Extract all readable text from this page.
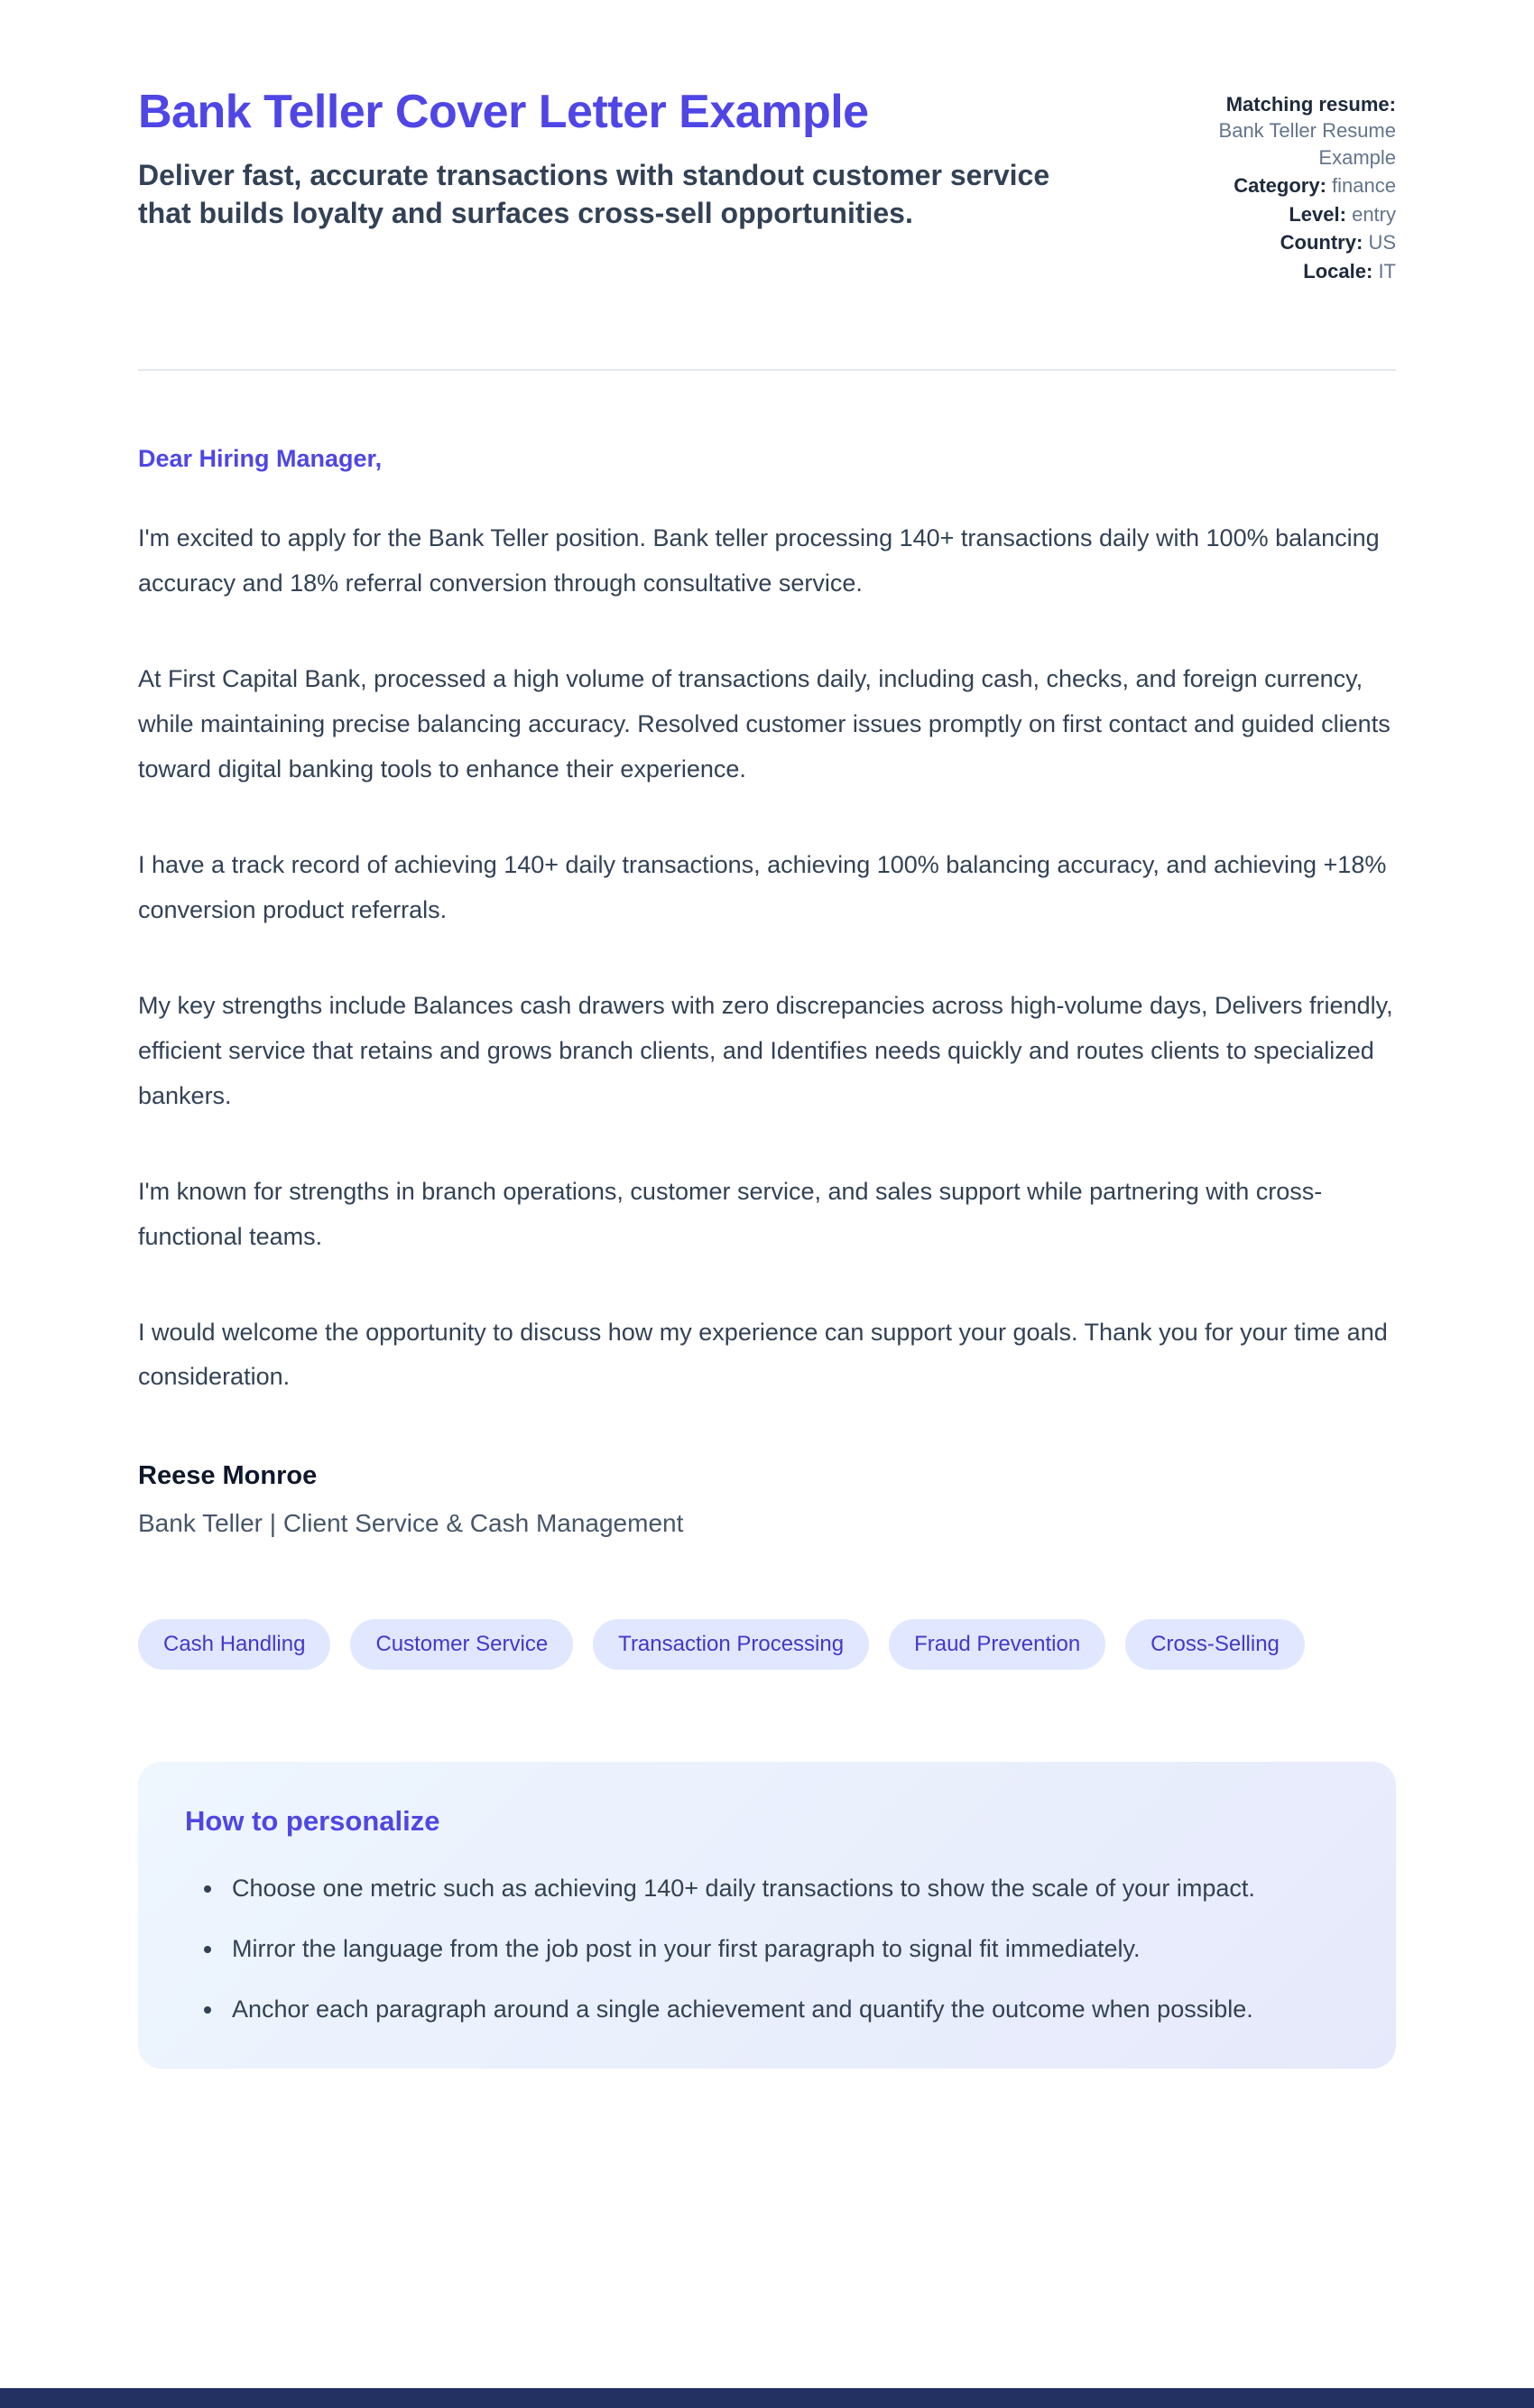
Bank Teller Cover Letter Example

Deliver fast, accurate transactions with standout customer service that builds loyalty and surfaces cross-sell opportunities.

Matching resume: Bank Teller Resume Example
Category: finance
Level: entry
Country: US
Locale: IT

Dear Hiring Manager,

I'm excited to apply for the Bank Teller position. Bank teller processing 140+ transactions daily with 100% balancing accuracy and 18% referral conversion through consultative service.

At First Capital Bank, processed a high volume of transactions daily, including cash, checks, and foreign currency, while maintaining precise balancing accuracy. Resolved customer issues promptly on first contact and guided clients toward digital banking tools to enhance their experience.

I have a track record of achieving 140+ daily transactions, achieving 100% balancing accuracy, and achieving +18% conversion product referrals.

My key strengths include Balances cash drawers with zero discrepancies across high-volume days, Delivers friendly, efficient service that retains and grows branch clients, and Identifies needs quickly and routes clients to specialized bankers.

I'm known for strengths in branch operations, customer service, and sales support while partnering with cross-functional teams.

I would welcome the opportunity to discuss how my experience can support your goals. Thank you for your time and consideration.

Reese Monroe

Bank Teller | Client Service & Cash Management

Cash Handling	Customer Service	Transaction Processing	Fraud Prevention	Cross-Selling
How to personalize
• Choose one metric such as achieving 140+ daily transactions to show the scale of your impact.
• Mirror the language from the job post in your first paragraph to signal fit immediately.
• Anchor each paragraph around a single achievement and quantify the outcome when possible.
